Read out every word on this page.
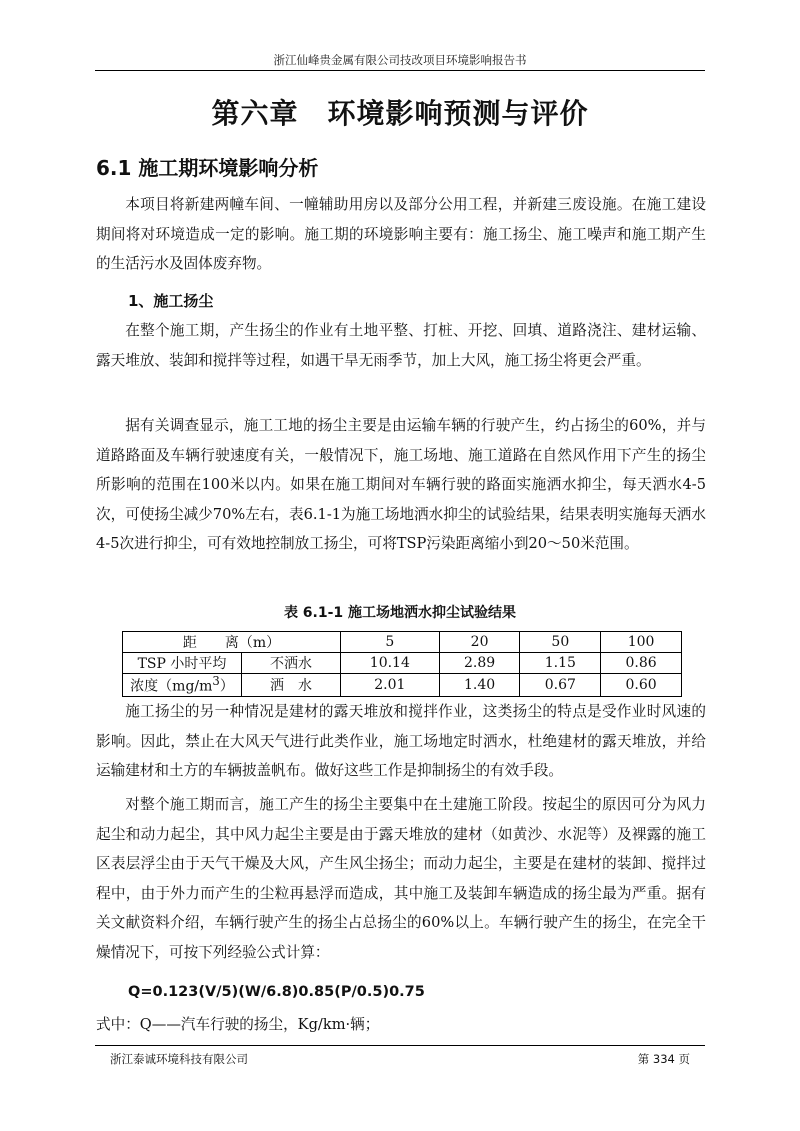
浙江仙峰贵金属有限公司技改项目环境影响报告书
第六章　环境影响预测与评价
6.1 施工期环境影响分析

本项目将新建两幢车间、一幢辅助用房以及部分公用工程，并新建三废设施。在施工建设期间将对环境造成一定的影响。施工期的环境影响主要有：施工扬尘、施工噪声和施工期产生的生活污水及固体废弃物。

1、施工扬尘

在整个施工期，产生扬尘的作业有土地平整、打桩、开挖、回填、道路浇注、建材运输、露天堆放、装卸和搅拌等过程，如遇干旱无雨季节，加上大风，施工扬尘将更会严重。

据有关调查显示，施工工地的扬尘主要是由运输车辆的行驶产生，约占扬尘的60%，并与道路路面及车辆行驶速度有关，一般情况下，施工场地、施工道路在自然风作用下产生的扬尘所影响的范围在100米以内。如果在施工期间对车辆行驶的路面实施洒水抑尘，每天洒水4-5次，可使扬尘减少70%左右，表6.1-1为施工场地洒水抑尘的试验结果，结果表明实施每天洒水4-5次进行抑尘，可有效地控制放工扬尘，可将TSP污染距离缩小到20～50米范围。

表 6.1-1 施工场地洒水抑尘试验结果
距　　离（m）		5	20	50	100
TSP 小时平均	不洒水	10.14	2.89	1.15	0.86
浓度$(mg/m^3)$	洒　水	2.01	1.40	0.67	0.60

施工扬尘的另一种情况是建材的露天堆放和搅拌作业，这类扬尘的特点是受作业时风速的影响。因此，禁止在大风天气进行此类作业，施工场地定时洒水，杜绝建材的露天堆放，并给运输建材和土方的车辆披盖帆布。做好这些工作是抑制扬尘的有效手段。

对整个施工期而言，施工产生的扬尘主要集中在土建施工阶段。按起尘的原因可分为风力起尘和动力起尘，其中风力起尘主要是由于露天堆放的建材（如黄沙、水泥等）及裸露的施工区表层浮尘由于天气干燥及大风，产生风尘扬尘；而动力起尘，主要是在建材的装卸、搅拌过程中，由于外力而产生的尘粒再悬浮而造成，其中施工及装卸车辆造成的扬尘最为严重。据有关文献资料介绍，车辆行驶产生的扬尘占总扬尘的60%以上。车辆行驶产生的扬尘，在完全干燥情况下，可按下列经验公式计算：

Q=0.123(V/5)(W/6.8)0.85(P/0.5)0.75

式中：Q——汽车行驶的扬尘，Kg/km·辆；

浙江泰诚环境科技有限公司	第 334 页
